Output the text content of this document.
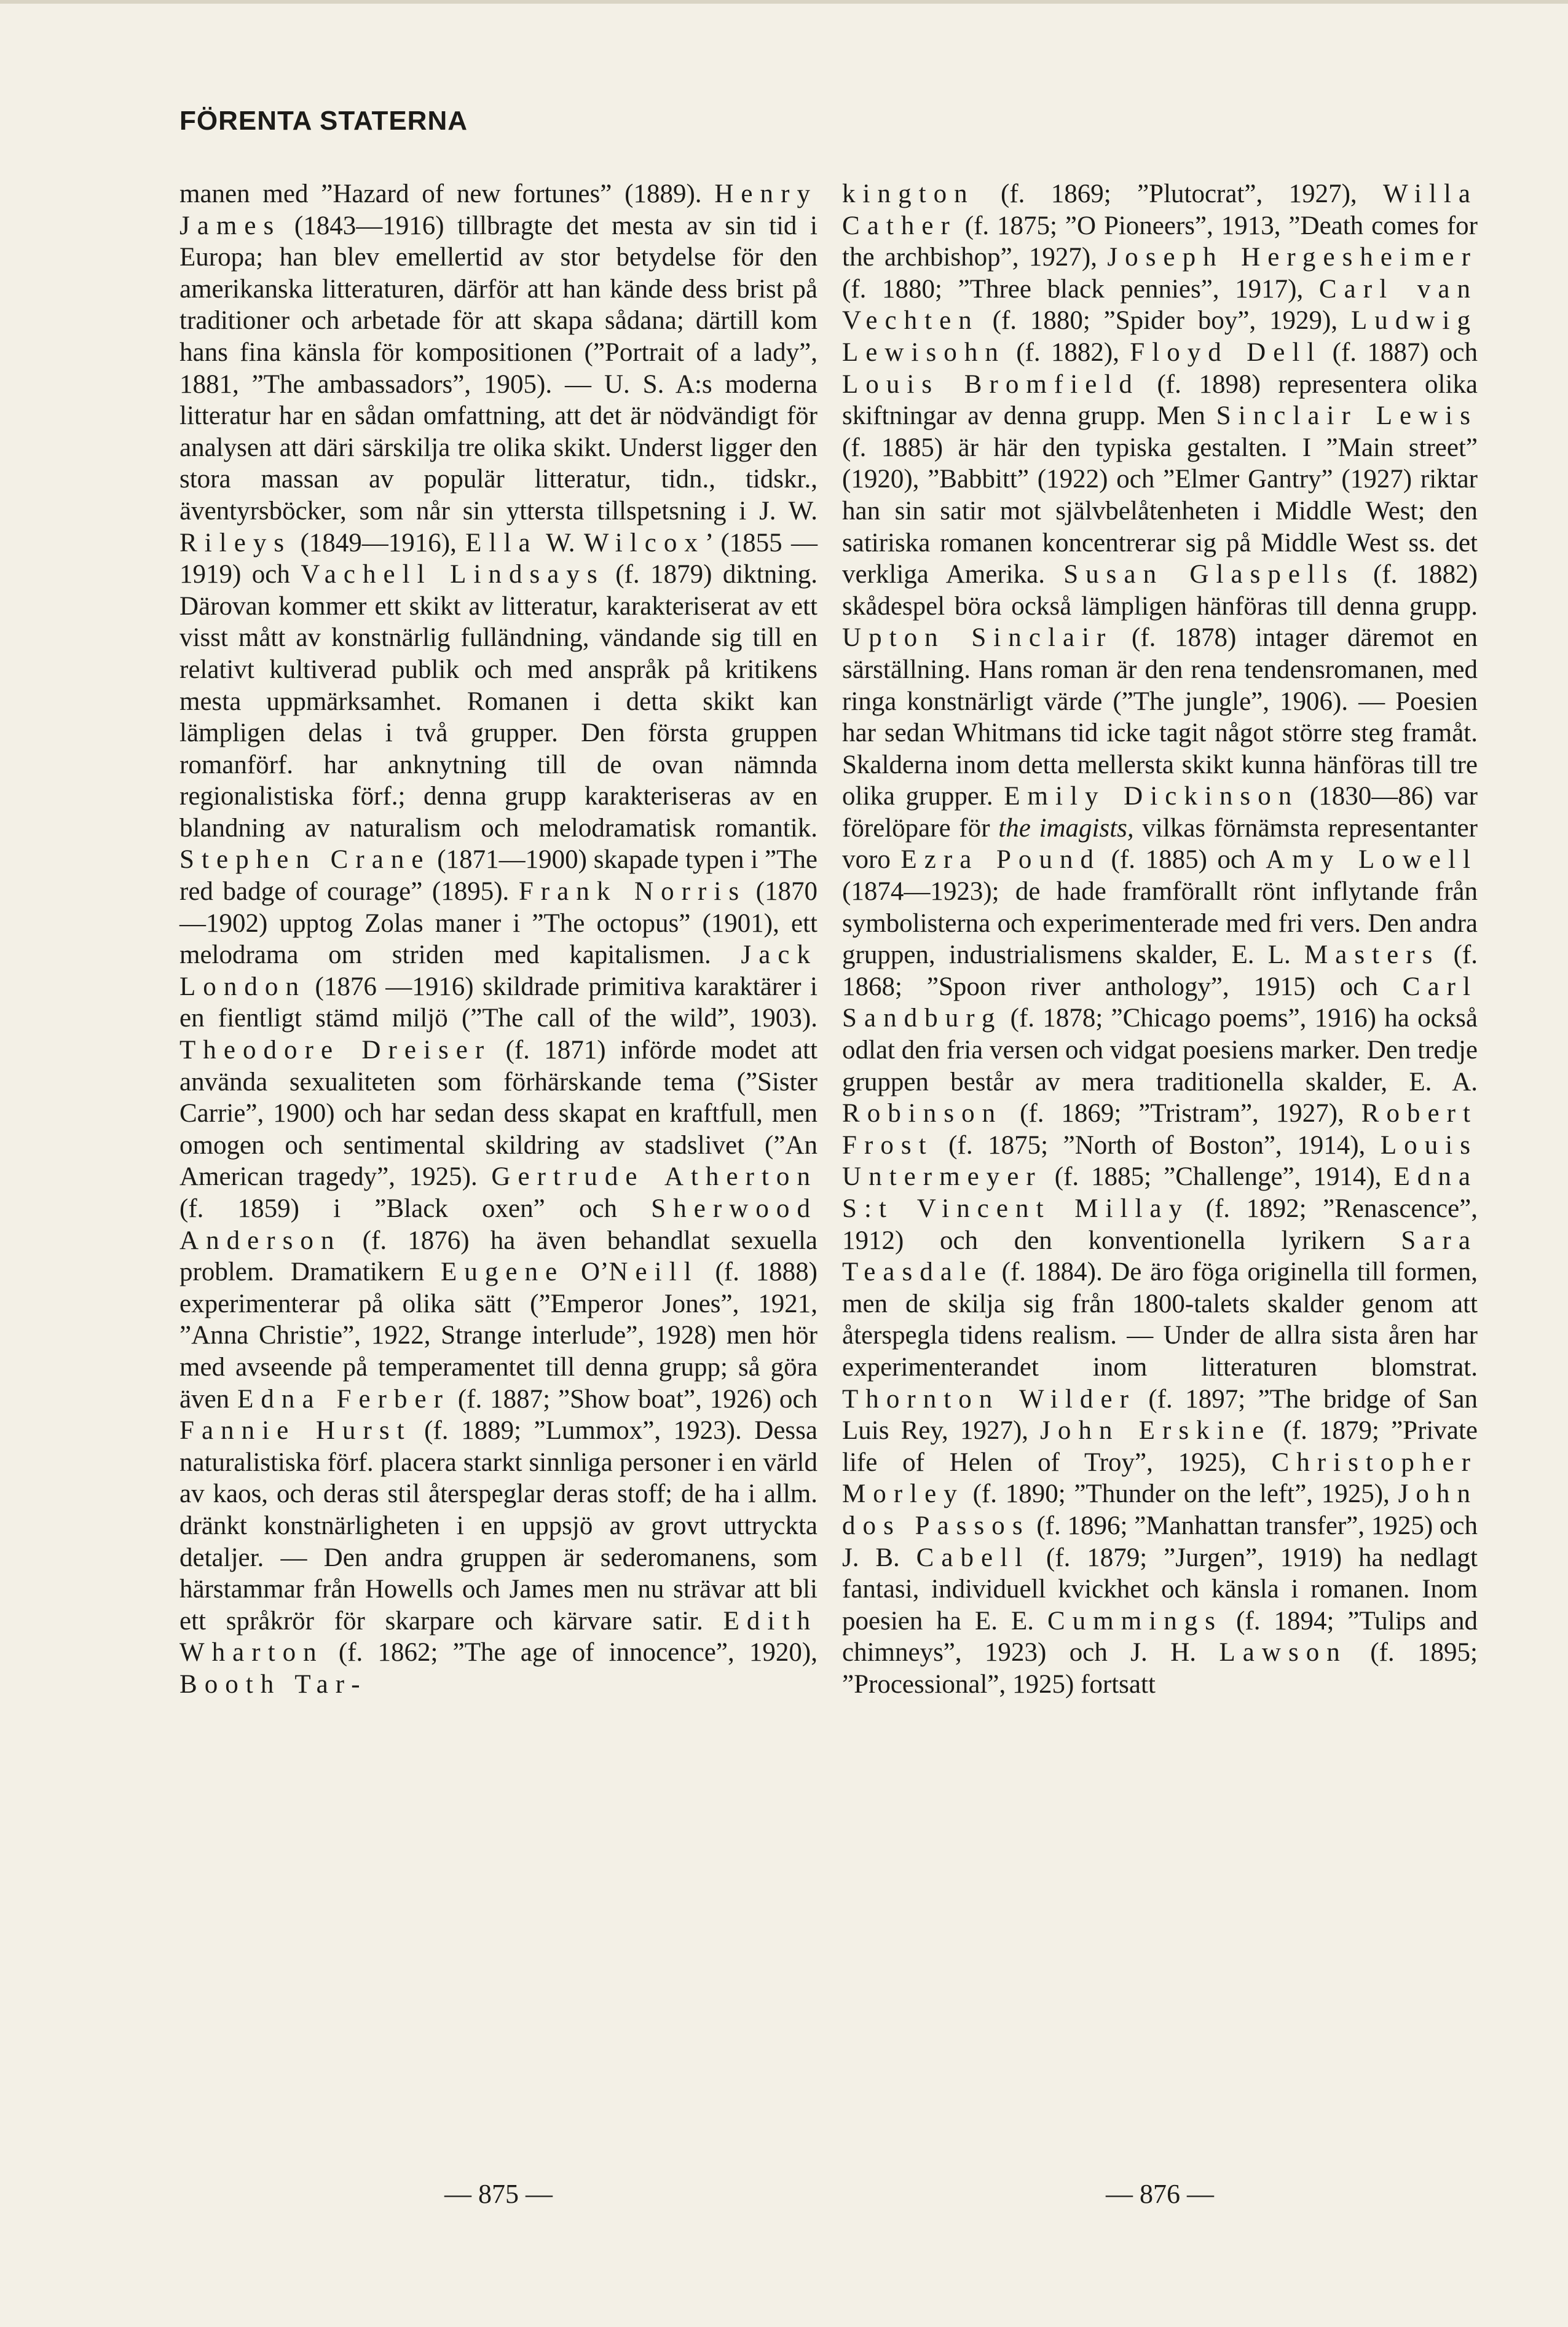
FÖRENTA STATERNA

manen med ”Hazard of new fortunes” (1889). Henry James (1843—1916) tillbragte det mesta av sin tid i Europa; han blev emellertid av stor betydelse för den amerikanska litteraturen, därför att han kände dess brist på traditioner och arbetade för att skapa sådana; därtill kom hans fina känsla för kompositionen (”Portrait of a lady”, 1881, ”The ambassadors”, 1905). — U. S. A:s moderna litteratur har en sådan omfattning, att det är nödvändigt för analysen att däri särskilja tre olika skikt. Underst ligger den stora massan av populär litteratur, tidn., tidskr., äventyrsböcker, som når sin yttersta tillspetsning i J. W. Rileys (1849—1916), Ella W. Wilcox’ (1855 —1919) och Vachell Lindsays (f. 1879) diktning. Därovan kommer ett skikt av litteratur, karakteriserat av ett visst mått av konstnärlig fulländning, vändande sig till en relativt kultiverad publik och med anspråk på kritikens mesta uppmärksamhet. Romanen i detta skikt kan lämpligen delas i två grupper. Den första gruppen romanförf. har anknytning till de ovan nämnda regionalistiska förf.; denna grupp karakteriseras av en blandning av naturalism och melodramatisk romantik. Stephen Crane (1871—1900) skapade typen i ”The red badge of courage” (1895). Frank Norris (1870—1902) upptog Zolas maner i ”The octopus” (1901), ett melodrama om striden med kapitalismen. Jack London (1876 —1916) skildrade primitiva karaktärer i en fientligt stämd miljö (”The call of the wild”, 1903). Theodore Dreiser (f. 1871) införde modet att använda sexualiteten som förhärskande tema (”Sister Carrie”, 1900) och har sedan dess skapat en kraftfull, men omogen och sentimental skildring av stadslivet (”An American tragedy”, 1925). Gertrude Atherton (f. 1859) i ”Black oxen” och Sherwood Anderson (f. 1876) ha även behandlat sexuella problem. Dramatikern Eugene O’Neill (f. 1888) experimenterar på olika sätt (”Emperor Jones”, 1921, ”Anna Christie”, 1922, Strange interlude”, 1928) men hör med avseende på temperamentet till denna grupp; så göra även Edna Ferber (f. 1887; ”Show boat”, 1926) och Fannie Hurst (f. 1889; ”Lummox”, 1923). Dessa naturalistiska förf. placera starkt sinnliga personer i en värld av kaos, och deras stil återspeglar deras stoff; de ha i allm. dränkt konstnärligheten i en uppsjö av grovt uttryckta detaljer. — Den andra gruppen är sederomanens, som härstammar från Howells och James men nu strävar att bli ett språkrör för skarpare och kärvare satir. Edith Wharton (f. 1862; ”The age of innocence”, 1920), Booth Tar-

kington (f. 1869; ”Plutocrat”, 1927), Willa Cather (f. 1875; ”O Pioneers”, 1913, ”Death comes for the archbishop”, 1927), Joseph Hergesheimer (f. 1880; ”Three black pennies”, 1917), Carl van Vechten (f. 1880; ”Spider boy”, 1929), Ludwig Lewisohn (f. 1882), Floyd Dell (f. 1887) och Louis Bromfield (f. 1898) representera olika skiftningar av denna grupp. Men Sinclair Lewis (f. 1885) är här den typiska gestalten. I ”Main street” (1920), ”Babbitt” (1922) och ”Elmer Gantry” (1927) riktar han sin satir mot självbelåtenheten i Middle West; den satiriska romanen koncentrerar sig på Middle West ss. det verkliga Amerika. Susan Glaspells (f. 1882) skådespel böra också lämpligen hänföras till denna grupp. Upton Sinclair (f. 1878) intager däremot en särställning. Hans roman är den rena tendensromanen, med ringa konstnärligt värde (”The jungle”, 1906). — Poesien har sedan Whitmans tid icke tagit något större steg framåt. Skalderna inom detta mellersta skikt kunna hänföras till tre olika grupper. Emily Dickinson (1830—86) var förelöpare för the imagists, vilkas förnämsta representanter voro Ezra Pound (f. 1885) och Amy Lowell (1874—1923); de hade framförallt rönt inflytande från symbolisterna och experimenterade med fri vers. Den andra gruppen, industrialismens skalder, E. L. Masters (f. 1868; ”Spoon river anthology”, 1915) och Carl Sandburg (f. 1878; ”Chicago poems”, 1916) ha också odlat den fria versen och vidgat poesiens marker. Den tredje gruppen består av mera traditionella skalder, E. A. Robinson (f. 1869; ”Tristram”, 1927), Robert Frost (f. 1875; ”North of Boston”, 1914), Louis Untermeyer (f. 1885; ”Challenge”, 1914), Edna S:t Vincent Millay (f. 1892; ”Renascence”, 1912) och den konventionella lyrikern Sara Teasdale (f. 1884). De äro föga originella till formen, men de skilja sig från 1800-talets skalder genom att återspegla tidens realism. — Under de allra sista åren har experimenterandet inom litteraturen blomstrat. Thornton Wilder (f. 1897; ”The bridge of San Luis Rey, 1927), John Erskine (f. 1879; ”Private life of Helen of Troy”, 1925), Christopher Morley (f. 1890; ”Thunder on the left”, 1925), John dos Passos (f. 1896; ”Manhattan transfer”, 1925) och J. B. Cabell (f. 1879; ”Jurgen”, 1919) ha nedlagt fantasi, individuell kvickhet och känsla i romanen. Inom poesien ha E. E. Cummings (f. 1894; ”Tulips and chimneys”, 1923) och J. H. Lawson (f. 1895; ”Processional”, 1925) fortsatt

— 875 —	— 876 —
